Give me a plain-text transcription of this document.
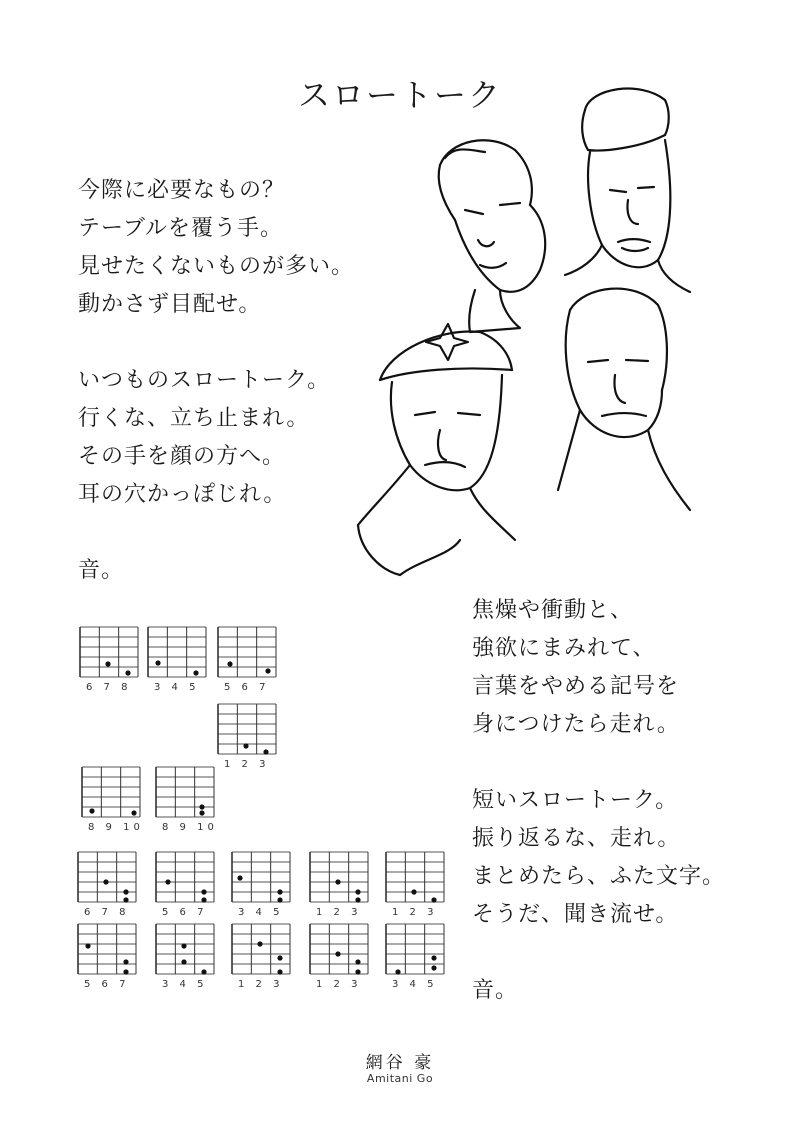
スロートーク
今際に必要なもの？
テーブルを覆う手。
見せたくないものが多い。
動かさず目配せ。
いつものスロートーク。
行くな、立ち止まれ。
その手を顔の方へ。
耳の穴かっぽじれ。
音。
焦燥や衝動と、
強欲にまみれて、
言葉をやめる記号を
身につけたら走れ。
短いスロートーク。
振り返るな、走れ。
まとめたら、ふた文字。
そうだ、聞き流せ。
音。
6 7 8 3 4 5 5 6 7
1 2 3
8 9 10 8 9 10
6 7 8	5 6 7	3 4 5	1 2 3	1 2 3
5 6 7	3 4 5	1 2 3	1 2 3	3 4 5
網谷 豪
Amitani Go
